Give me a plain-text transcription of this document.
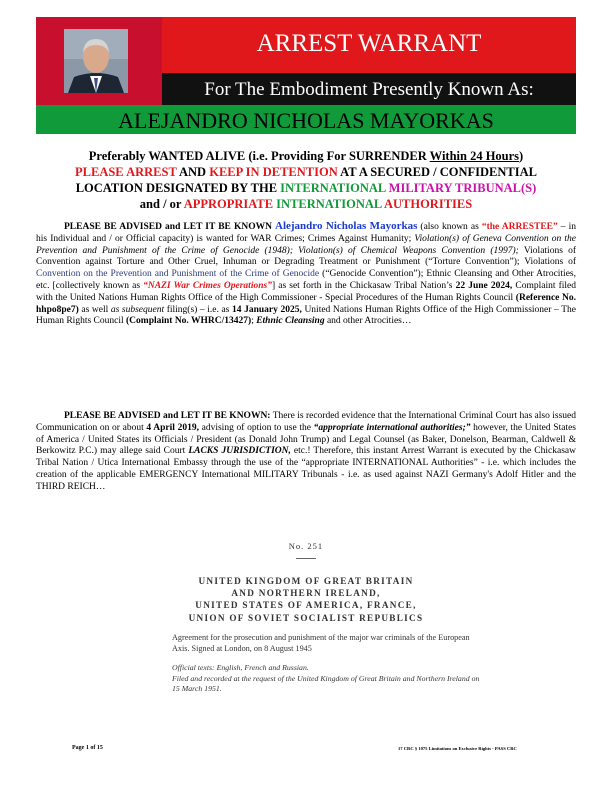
ARREST WARRANT
For The Embodiment Presently Known As:
ALEJANDRO NICHOLAS MAYORKAS
Preferably WANTED ALIVE (i.e. Providing For SURRENDER Within 24 Hours)
PLEASE ARREST AND KEEP IN DETENTION AT A SECURED / CONFIDENTIAL
LOCATION DESIGNATED BY THE INTERNATIONAL MILITARY TRIBUNAL(S)
and / or APPROPRIATE INTERNATIONAL AUTHORITIES

PLEASE BE ADVISED and LET IT BE KNOWN Alejandro Nicholas Mayorkas (also known as “the ARRESTEE” – in his Individual and / or Official capacity) is wanted for WAR Crimes; Crimes Against Humanity; Violation(s) of Geneva Convention on the Prevention and Punishment of the Crime of Genocide (1948); Violation(s) of Chemical Weapons Convention (1997); Violations of Convention against Torture and Other Cruel, Inhuman or Degrading Treatment or Punishment (“Torture Convention”); Violations of Convention on the Prevention and Punishment of the Crime of Genocide (“Genocide Convention”); Ethnic Cleansing and Other Atrocities, etc. [collectively known as “NAZI War Crimes Operations”] as set forth in the Chickasaw Tribal Nation’s 22 June 2024, Complaint filed with the United Nations Human Rights Office of the High Commissioner - Special Procedures of the Human Rights Council (Reference No. hhpo8pe7) as well as subsequent filing(s) – i.e. as 14 January 2025, United Nations Human Rights Office of the High Commissioner – The Human Rights Council (Complaint No. WHRC/13427); Ethnic Cleansing and other Atrocities…

PLEASE BE ADVISED and LET IT BE KNOWN: There is recorded evidence that the International Criminal Court has also issued Communication on or about 4 April 2019, advising of option to use the “appropriate international authorities;” however, the United States of America / United States its Officials / President (as Donald John Trump) and Legal Counsel (as Baker, Donelson, Bearman, Caldwell & Berkowitz P.C.) may allege said Court LACKS JURISDICTION, etc.! Therefore, this instant Arrest Warrant is executed by the Chickasaw Tribal Nation / Utica International Embassy through the use of the “appropriate INTERNATIONAL Authorities” - i.e. which includes the creation of the applicable EMERGENCY International MILITARY Tribunals - i.e. as used against NAZI Germany's Adolf Hitler and the THIRD REICH…

No. 251
UNITED KINGDOM OF GREAT BRITAIN
AND NORTHERN IRELAND,
UNITED STATES OF AMERICA, FRANCE,
UNION OF SOVIET SOCIALIST REPUBLICS
Agreement for the prosecution and punishment of the major war criminals of the European Axis. Signed at London, on 8 August 1945
Official texts: English, French and Russian.
Filed and recorded at the request of the United Kingdom of Great Britain and Northern Ireland on 15 March 1951.
Page 1 of 15	17 CRC § 1075 Limitations on Exclusive Rights - PASS CRC
